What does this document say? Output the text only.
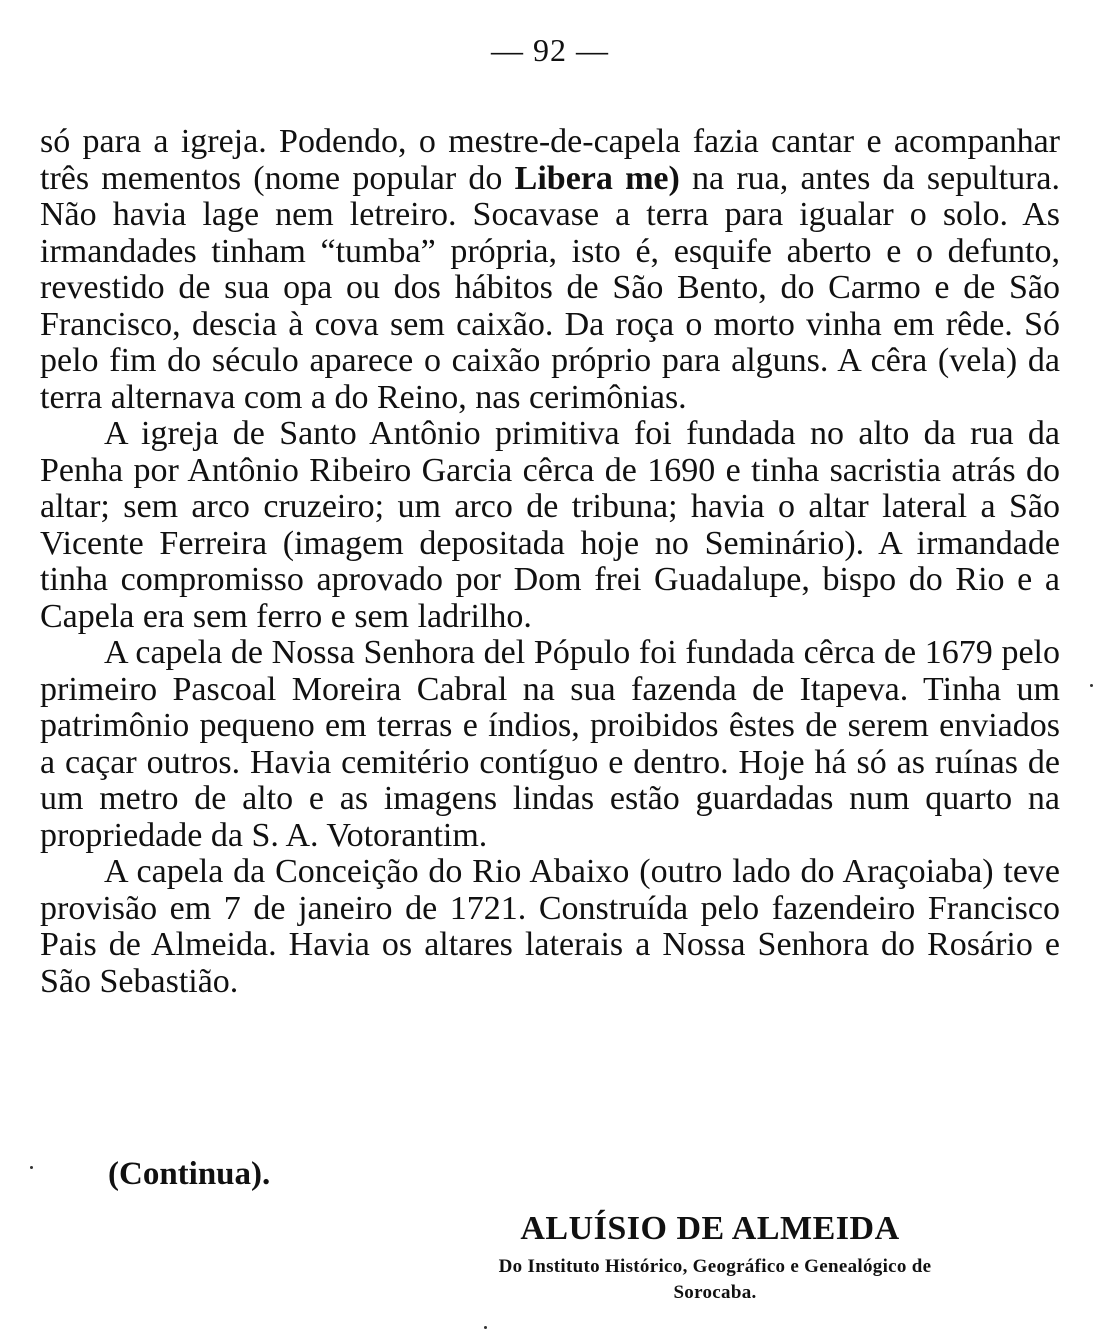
— 92 —

só para a igreja. Podendo, o mestre-de-capela fazia cantar e acompanhar três mementos (nome popular do Libera me) na rua, antes da sepultura. Não havia lage nem letreiro. Socavase a terra para igualar o solo. As irmandades tinham “tumba” própria, isto é, esquife aberto e o defunto, revestido de sua opa ou dos hábitos de São Bento, do Carmo e de São Francisco, descia à cova sem caixão. Da roça o morto vinha em rêde. Só pelo fim do século aparece o caixão próprio para alguns. A cêra (vela) da terra alternava com a do Reino, nas cerimônias.

A igreja de Santo Antônio primitiva foi fundada no alto da rua da Penha por Antônio Ribeiro Garcia cêrca de 1690 e tinha sacristia atrás do altar; sem arco cruzeiro; um arco de tribuna; havia o altar lateral a São Vicente Ferreira (imagem depositada hoje no Seminário). A irmandade tinha compromisso aprovado por Dom frei Guadalupe, bispo do Rio e a Capela era sem ferro e sem ladrilho.

A capela de Nossa Senhora del Pópulo foi fundada cêrca de 1679 pelo primeiro Pascoal Moreira Cabral na sua fazenda de Itapeva. Tinha um patrimônio pequeno em terras e índios, proibidos êstes de serem enviados a caçar outros. Havia cemitério contíguo e dentro. Hoje há só as ruínas de um metro de alto e as imagens lindas estão guardadas num quarto na propriedade da S. A. Votorantim.

A capela da Conceição do Rio Abaixo (outro lado do Araçoiaba) teve provisão em 7 de janeiro de 1721. Construída pelo fazendeiro Francisco Pais de Almeida. Havia os altares laterais a Nossa Senhora do Rosário e São Sebastião.

(Continua).
ALUÍSIO DE ALMEIDA
Do Instituto Histórico, Geográfico e Genealógico de
Sorocaba.
